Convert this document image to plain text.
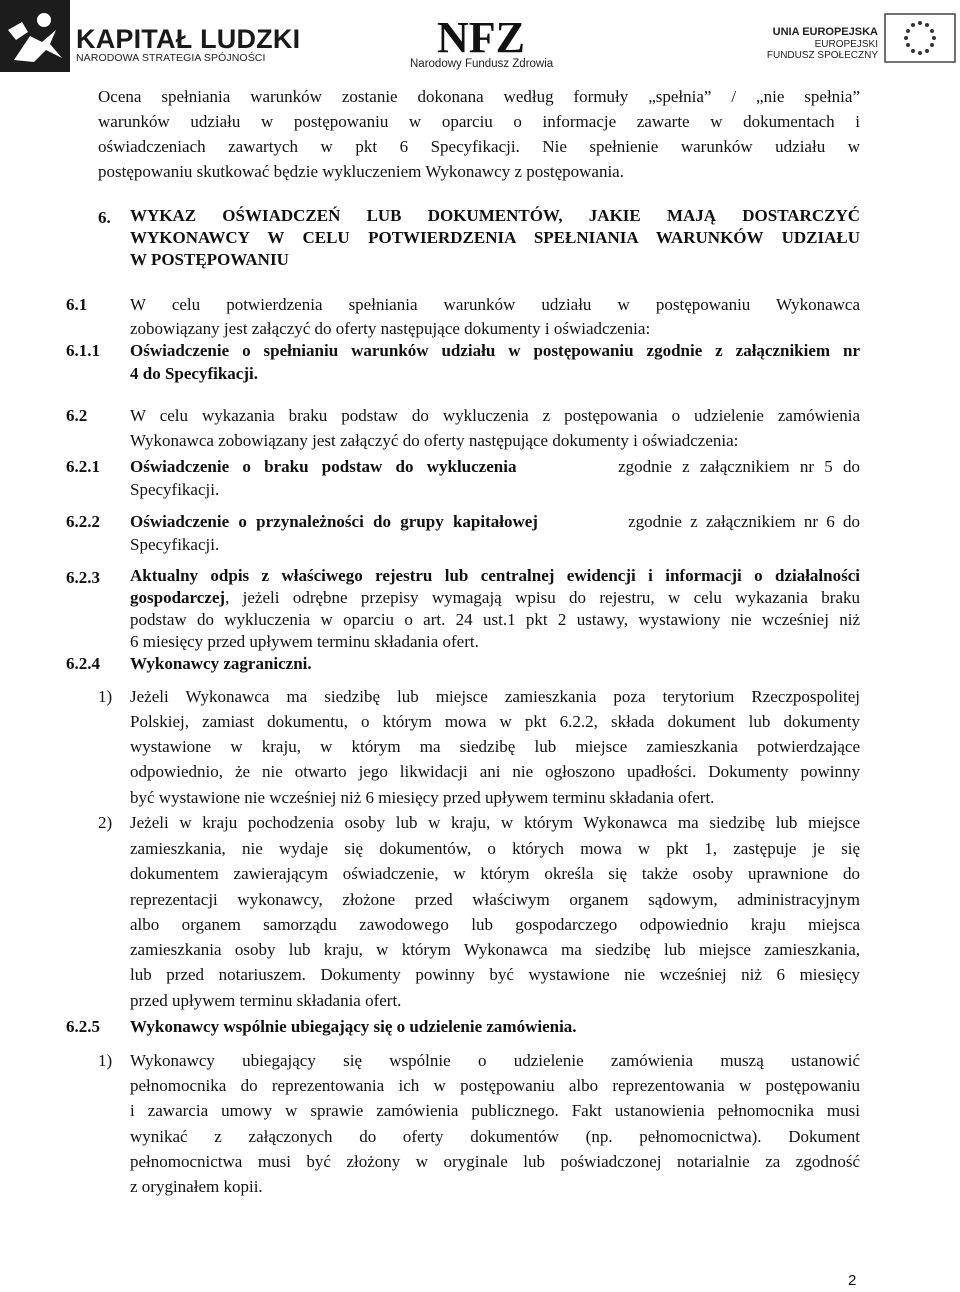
KAPITAŁ LUDZKI
NARODOWA STRATEGIA SPÓJNOŚCI	NFZ
Narodowy Fundusz Zdrowia
UNIA EUROPEJSKA
EUROPEJSKI
FUNDUSZ SPOŁECZNY
Ocena spełniania warunków zostanie dokonana według formuły „spełnia” / „nie spełnia”
warunków udziału w postępowaniu w oparciu o informacje zawarte w dokumentach i
oświadczeniach zawartych w pkt 6 Specyfikacji. Nie spełnienie warunków udziału w
postępowaniu skutkować będzie wykluczeniem Wykonawcy z postępowania.
6. WYKAZ OŚWIADCZEŃ LUB DOKUMENTÓW, JAKIE MAJĄ DOSTARCZYĆ
WYKONAWCY W CELU POTWIERDZENIA SPEŁNIANIA WARUNKÓW UDZIAŁU
W POSTĘPOWANIU
6.1	W celu potwierdzenia spełniania warunków udziału w postępowaniu Wykonawca
zobowiązany jest załączyć do oferty następujące dokumenty i oświadczenia:
6.1.1 Oświadczenie o spełnianiu warunków udziału w postępowaniu zgodnie z załącznikiem nr
4 do Specyfikacji.
6.2	W celu wykazania braku podstaw do wykluczenia z postępowania o udzielenie zamówienia
Wykonawca zobowiązany jest załączyć do oferty następujące dokumenty i oświadczenia:
6.2.1 Oświadczenie o braku podstaw do wykluczenia	zgodnie z załącznikiem nr 5 do
Specyfikacji.
6.2.2 Oświadczenie o przynależności do grupy kapitałowej	zgodnie z załącznikiem nr 6 do
Specyfikacji.
6.2.3 Aktualny odpis z właściwego rejestru lub centralnej ewidencji i informacji o działalności
gospodarczej, jeżeli odrębne przepisy wymagają wpisu do rejestru, w celu wykazania braku
podstaw do wykluczenia w oparciu o art. 24 ust.1 pkt 2 ustawy, wystawiony nie wcześniej niż
6 miesięcy przed upływem terminu składania ofert.
6.2.4 Wykonawcy zagraniczni.
1) Jeżeli Wykonawca ma siedzibę lub miejsce zamieszkania poza terytorium Rzeczpospolitej
Polskiej, zamiast dokumentu, o którym mowa w pkt 6.2.2, składa dokument lub dokumenty
wystawione w kraju, w którym ma siedzibę lub miejsce zamieszkania potwierdzające
odpowiednio, że nie otwarto jego likwidacji ani nie ogłoszono upadłości. Dokumenty powinny
być wystawione nie wcześniej niż 6 miesięcy przed upływem terminu składania ofert.
2) Jeżeli w kraju pochodzenia osoby lub w kraju, w którym Wykonawca ma siedzibę lub miejsce
zamieszkania, nie wydaje się dokumentów, o których mowa w pkt 1, zastępuje je się
dokumentem zawierającym oświadczenie, w którym określa się także osoby uprawnione do
reprezentacji wykonawcy, złożone przed właściwym organem sądowym, administracyjnym
albo organem samorządu zawodowego lub gospodarczego odpowiednio kraju miejsca
zamieszkania osoby lub kraju, w którym Wykonawca ma siedzibę lub miejsce zamieszkania,
lub przed notariuszem. Dokumenty powinny być wystawione nie wcześniej niż 6 miesięcy
przed upływem terminu składania ofert.
6.2.5 Wykonawcy wspólnie ubiegający się o udzielenie zamówienia.
1) Wykonawcy ubiegający się wspólnie o udzielenie zamówienia muszą ustanowić
pełnomocnika do reprezentowania ich w postępowaniu albo reprezentowania w postępowaniu
i zawarcia umowy w sprawie zamówienia publicznego. Fakt ustanowienia pełnomocnika musi
wynikać z załączonych do oferty dokumentów (np. pełnomocnictwa). Dokument
pełnomocnictwa musi być złożony w oryginale lub poświadczonej notarialnie za zgodność
z oryginałem kopii.
2
